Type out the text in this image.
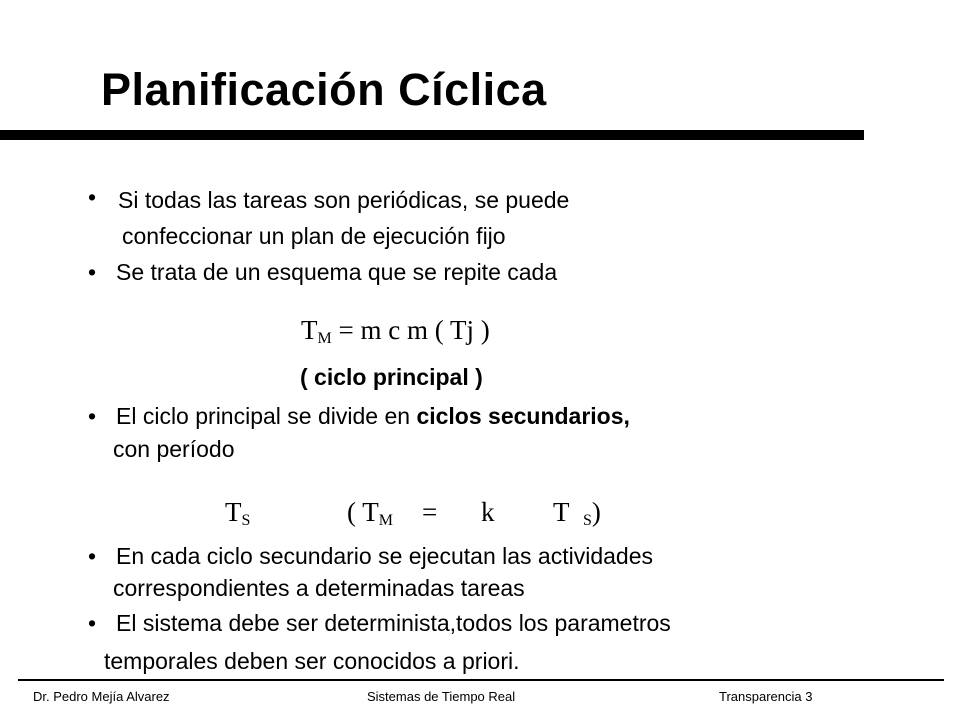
Planificación Cíclica
• Si todas las tareas son periódicas, se puede
confeccionar un plan de ejecución fijo
• Se trata de un esquema que se repite cada
$T_M = m$ c m ( Tj )
( ciclo principal )
• El ciclo principal se divide en ciclos secundarios,
con período
$T_S$	( $T_M = k$ T $_S$)
• En cada ciclo secundario se ejecutan las actividades
correspondientes a determinadas tareas
• El sistema debe ser determinista,todos los parametros
temporales deben ser conocidos a priori.
Dr. Pedro Mejía Alvarez	Sistemas de Tiempo Real	Transparencia 3
